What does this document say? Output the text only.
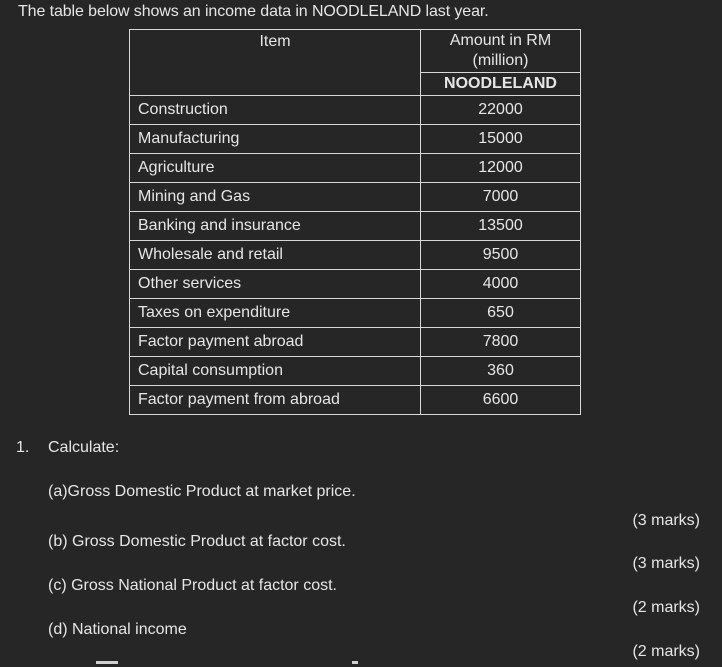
The table below shows an income data in NOODLELAND last year.
Item	Amount in RM
(million)
	NOODLELAND
Construction	22000
Manufacturing	15000
Agriculture	12000
Mining and Gas	7000
Banking and insurance	13500
Wholesale and retail	9500
Other services	4000
Taxes on expenditure	650
Factor payment abroad	7800
Capital consumption	360
Factor payment from abroad	6600
1. Calculate:
(a)Gross Domestic Product at market price.
(3 marks)
(b) Gross Domestic Product at factor cost.
(3 marks)
(c) Gross National Product at factor cost.
(2 marks)
(d) National income
(2 marks)
